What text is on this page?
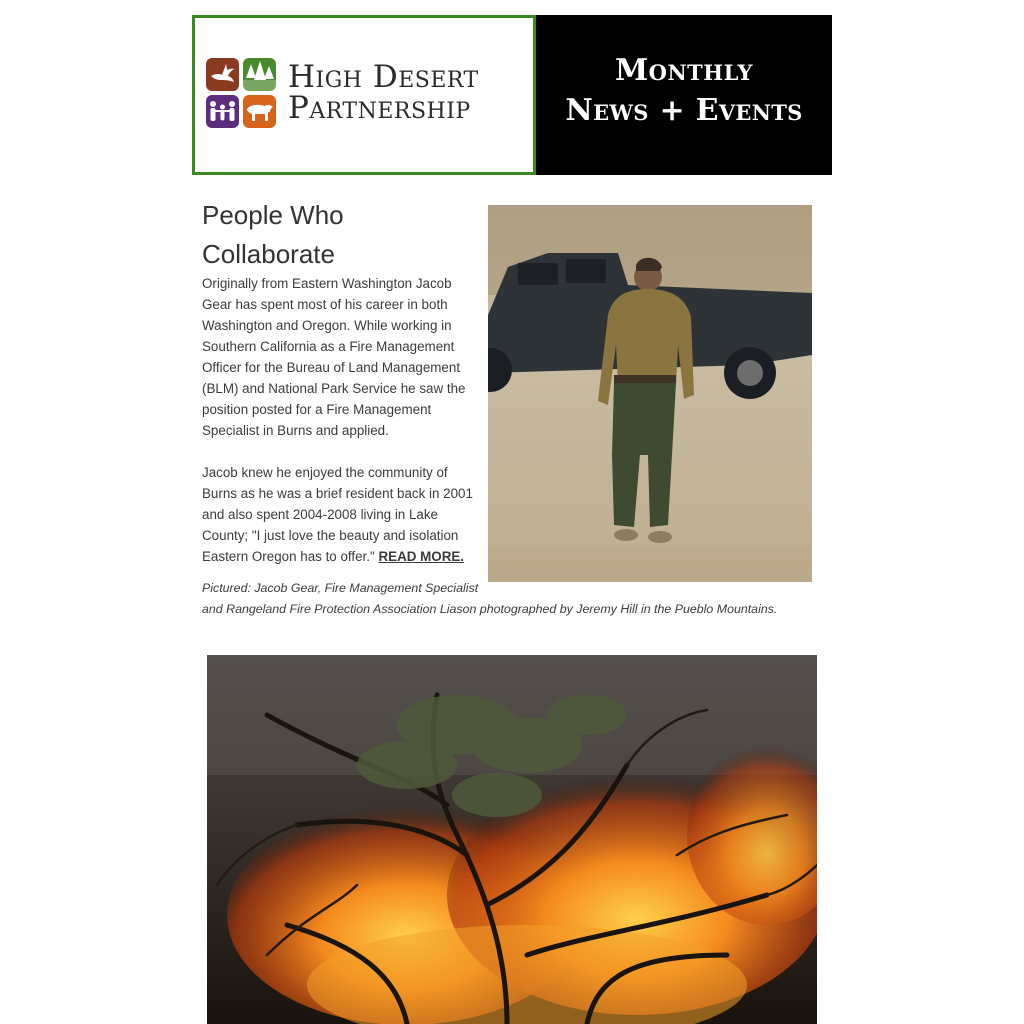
High Desert
Partnership
Monthly
News + Events
People Who Collaborate

Originally from Eastern Washington Jacob Gear has spent most of his career in both Washington and Oregon. While working in Southern California as a Fire Management Officer for the Bureau of Land Management (BLM) and National Park Service he saw the position posted for a Fire Management Specialist in Burns and applied.

Jacob knew he enjoyed the community of Burns as he was a brief resident back in 2001 and also spent 2004-2008 living in Lake County; "I just love the beauty and isolation Eastern Oregon has to offer." READ MORE.

Pictured: Jacob Gear, Fire Management Specialist
and Rangeland Fire Protection Association Liason photographed by Jeremy Hill in the Pueblo Mountains.
